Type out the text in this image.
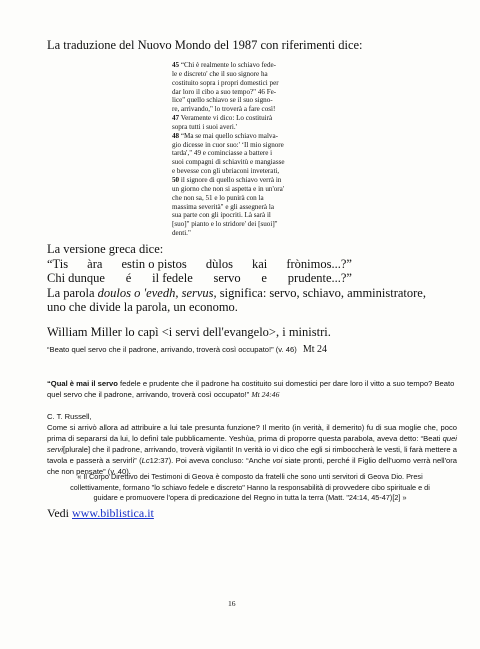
La traduzione del Nuovo Mondo del 1987 con riferimenti dice:
45 “Chi è realmente lo schiavo fede-
le e discreto' che il suo signore ha
costituito sopra i propri domestici per
dar loro il cibo a suo tempo?" 46 Fe-
lice" quello schiavo se il suo signo-
re, arrivando," lo troverà a fare così!
47 Veramente vi dico: Lo costituirà
sopra tutti i suoi averi.'
48 “Ma se mai quello schiavo malva-
gio dicesse in cuor suo:' ‘Il mio signore
tarda'," 49 e cominciasse a battere i
suoi compagni di schiavitù e mangiasse
e bevesse con gli ubriaconi inveterati,
50 il signore di quello schiavo verrà in
un giorno che non si aspetta e in un'ora'
che non sa, 51 e lo punirà con la
massima severità" e gli assegnerà la
sua parte con gli ipocriti. Là sarà il
[suo]" pianto e lo stridore' dei [suoi]"
denti."
La versione greca dice:
“Tis àra estin o pistos dùlos kai frònimos...?”
Chi dunque é il fedele servo e prudente...?”
La parola doulos o 'evedh, servus, significa: servo, schiavo, amministratore, uno che divide la parola, un economo.
William Miller lo capì <i servi dell'evangelo>, i ministri.
“Beato quel servo che il padrone, arrivando, troverà così occupato!” (v. 46) Mt 24
“Qual è mai il servo fedele e prudente che il padrone ha costituito sui domestici per dare loro il vitto a suo tempo? Beato quel servo che il padrone, arrivando, troverà così occupato!” Mt 24:46
C. T. Russell,
Come si arrivò allora ad attribuire a lui tale presunta funzione? Il merito (in verità, il demerito) fu di sua moglie che, poco prima di separarsi da lui, lo definì tale pubblicamente. Yeshùa, prima di proporre questa parabola, aveva detto: “Beati quei servi[plurale] che il padrone, arrivando, troverà vigilanti! In verità io vi dico che egli si rimboccherà le vesti, li farà mettere a tavola e passerà a servirli” (Lc12:37). Poi aveva concluso: “Anche voi siate pronti, perché il Figlio dell'uomo verrà nell'ora che non pensate” (v. 40).
« Il Corpo Direttivo dei Testimoni di Geova è composto da fratelli che sono unti servitori di Geova Dio. Presi collettivamente, formano "lo schiavo fedele e discreto" Hanno la responsabilità di provvedere cibo spirituale e di guidare e promuovere l'opera di predicazione del Regno in tutta la terra (Matt. "24:14, 45-47)[2] »
Vedi www.biblistica.it
16
